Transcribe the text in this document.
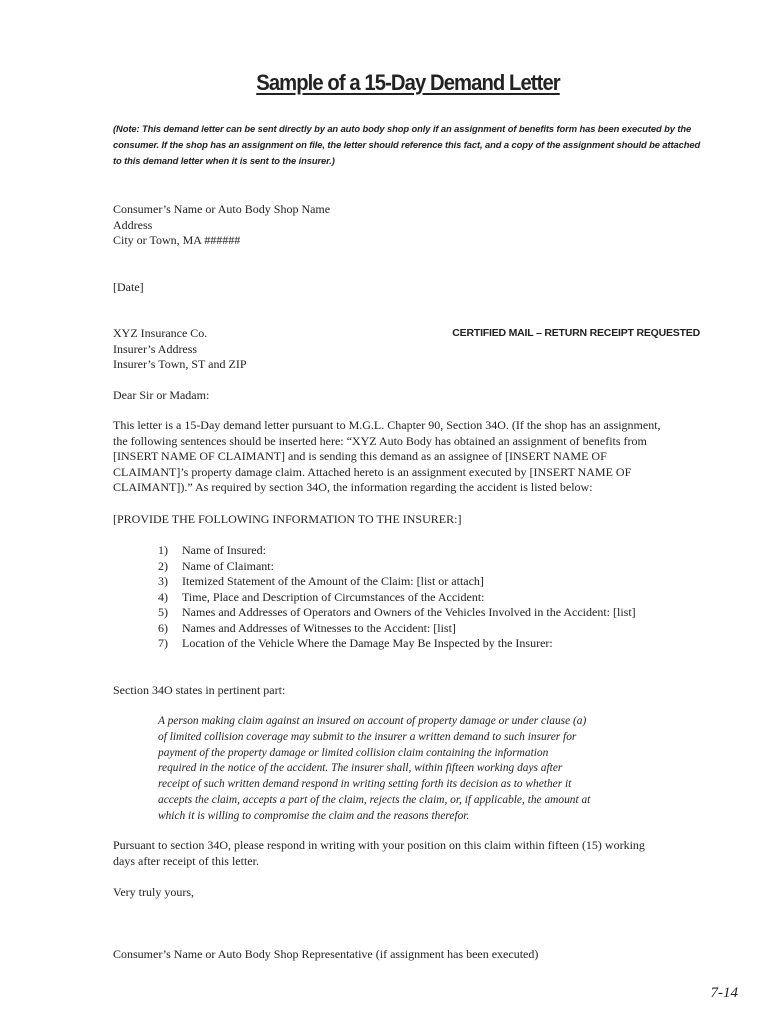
Sample of a 15-Day Demand Letter
(Note: This demand letter can be sent directly by an auto body shop only if an assignment of benefits form has been executed by the consumer. If the shop has an assignment on file, the letter should reference this fact, and a copy of the assignment should be attached to this demand letter when it is sent to the insurer.)
Consumer’s Name or Auto Body Shop Name
Address
City or Town, MA ######
[Date]
XYZ Insurance Co.
Insurer’s Address
Insurer’s Town, ST and ZIP
CERTIFIED MAIL – RETURN RECEIPT REQUESTED
Dear Sir or Madam:
This letter is a 15-Day demand letter pursuant to M.G.L. Chapter 90, Section 34O. (If the shop has an assignment,
the following sentences should be inserted here: “XYZ Auto Body has obtained an assignment of benefits from
[INSERT NAME OF CLAIMANT] and is sending this demand as an assignee of [INSERT NAME OF
CLAIMANT]’s property damage claim. Attached hereto is an assignment executed by [INSERT NAME OF
CLAIMANT]).” As required by section 34O, the information regarding the accident is listed below:
[PROVIDE THE FOLLOWING INFORMATION TO THE INSURER:]
1) Name of Insured:
2) Name of Claimant:
3) Itemized Statement of the Amount of the Claim: [list or attach]
4) Time, Place and Description of Circumstances of the Accident:
5) Names and Addresses of Operators and Owners of the Vehicles Involved in the Accident: [list]
6) Names and Addresses of Witnesses to the Accident: [list]
7) Location of the Vehicle Where the Damage May Be Inspected by the Insurer:
Section 34O states in pertinent part:
A person making claim against an insured on account of property damage or under clause (a)
of limited collision coverage may submit to the insurer a written demand to such insurer for
payment of the property damage or limited collision claim containing the information
required in the notice of the accident. The insurer shall, within fifteen working days after
receipt of such written demand respond in writing setting forth its decision as to whether it
accepts the claim, accepts a part of the claim, rejects the claim, or, if applicable, the amount at
which it is willing to compromise the claim and the reasons therefor.
Pursuant to section 34O, please respond in writing with your position on this claim within fifteen (15) working
days after receipt of this letter.
Very truly yours,
Consumer’s Name or Auto Body Shop Representative (if assignment has been executed)
7-14
